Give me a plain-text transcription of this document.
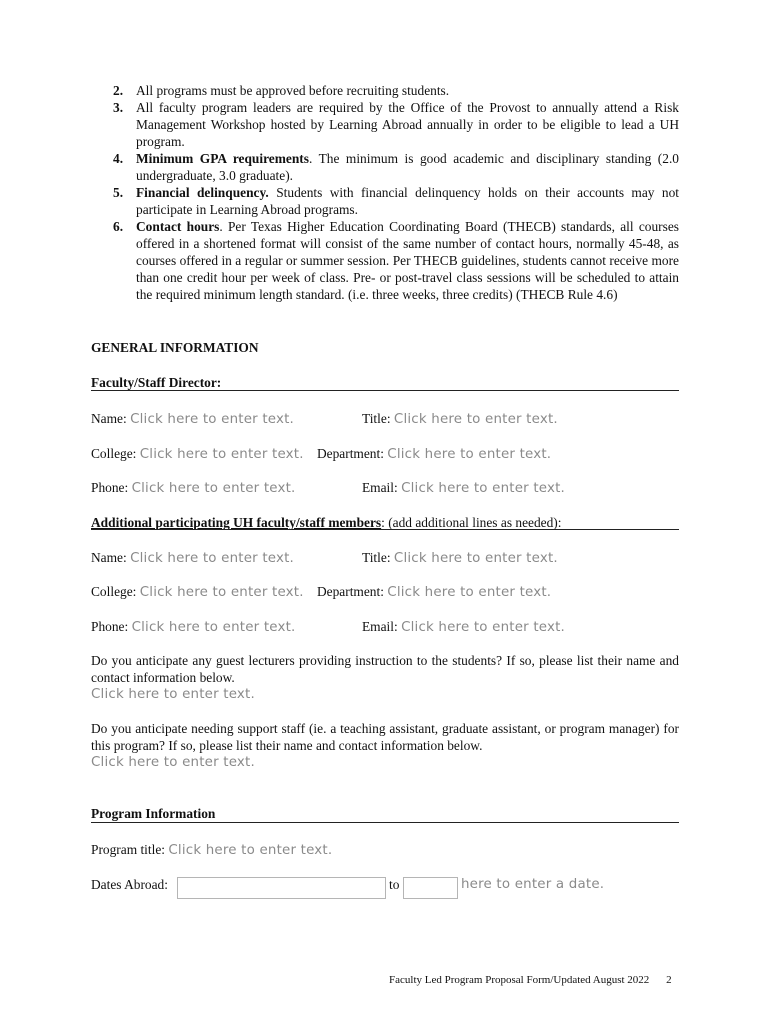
2. All programs must be approved before recruiting students.
3. All faculty program leaders are required by the Office of the Provost to annually attend a Risk Management Workshop hosted by Learning Abroad annually in order to be eligible to lead a UH program.
4. Minimum GPA requirements. The minimum is good academic and disciplinary standing (2.0 undergraduate, 3.0 graduate).
5. Financial delinquency. Students with financial delinquency holds on their accounts may not participate in Learning Abroad programs.
6. Contact hours. Per Texas Higher Education Coordinating Board (THECB) standards, all courses offered in a shortened format will consist of the same number of contact hours, normally 45-48, as courses offered in a regular or summer session. Per THECB guidelines, students cannot receive more than one credit hour per week of class. Pre- or post-travel class sessions will be scheduled to attain the required minimum length standard. (i.e. three weeks, three credits) (THECB Rule 4.6)
GENERAL INFORMATION
Faculty/Staff Director:
Name: Click here to enter text.	Title: Click here to enter text.
College: Click here to enter text. Department: Click here to enter text.
Phone: Click here to enter text.	Email: Click here to enter text.
Additional participating UH faculty/staff members: (add additional lines as needed):
Name: Click here to enter text.	Title: Click here to enter text.
College: Click here to enter text. Department: Click here to enter text.
Phone: Click here to enter text.	Email: Click here to enter text.
Do you anticipate any guest lecturers providing instruction to the students? If so, please list their name and contact information below.
Click here to enter text.
Do you anticipate needing support staff (ie. a teaching assistant, graduate assistant, or program manager) for this program? If so, please list their name and contact information below.
Click here to enter text.
Program Information
Program title: Click here to enter text.
Dates Abroad:	to	here to enter a date.
Faculty Led Program Proposal Form/Updated August 2022 2
